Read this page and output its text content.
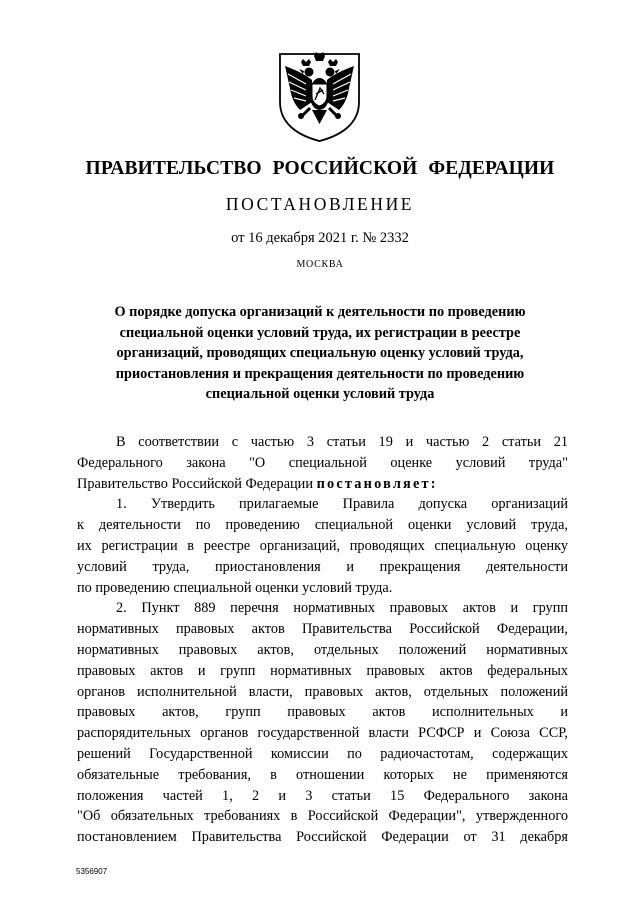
ПРАВИТЕЛЬСТВО РОССИЙСКОЙ ФЕДЕРАЦИИ
ПОСТАНОВЛЕНИЕ
от 16 декабря 2021 г. № 2332
МОСКВА
О порядке допуска организаций к деятельности по проведению
специальной оценки условий труда, их регистрации в реестре
организаций, проводящих специальную оценку условий труда,
приостановления и прекращения деятельности по проведению
специальной оценки условий труда
В соответствии с частью 3 статьи 19 и частью 2 статьи 21
Федерального закона "О специальной оценке условий труда"
Правительство Российской Федерации постановляет:
1. Утвердить прилагаемые Правила допуска организаций
к деятельности по проведению специальной оценки условий труда,
их регистрации в реестре организаций, проводящих специальную оценку
условий труда, приостановления и прекращения деятельности
по проведению специальной оценки условий труда.
2. Пункт 889 перечня нормативных правовых актов и групп
нормативных правовых актов Правительства Российской Федерации,
нормативных правовых актов, отдельных положений нормативных
правовых актов и групп нормативных правовых актов федеральных
органов исполнительной власти, правовых актов, отдельных положений
правовых актов, групп правовых актов исполнительных и
распорядительных органов государственной власти РСФСР и Союза ССР,
решений Государственной комиссии по радиочастотам, содержащих
обязательные требования, в отношении которых не применяются
положения частей 1, 2 и 3 статьи 15 Федерального закона
"Об обязательных требованиях в Российской Федерации", утвержденного
постановлением Правительства Российской Федерации от 31 декабря
5356907
